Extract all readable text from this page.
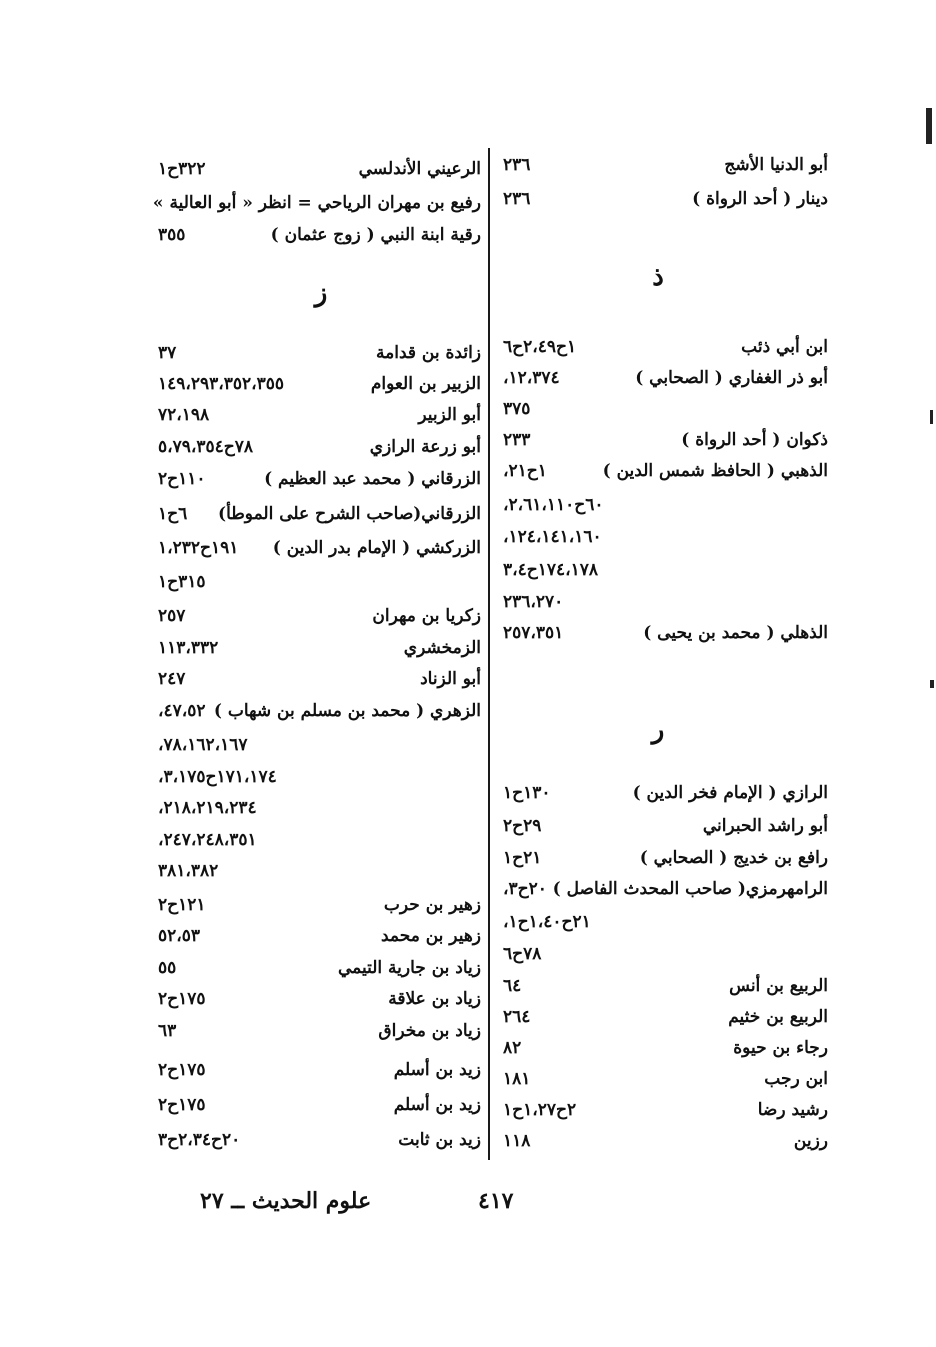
أبو الدنيا الأشج
٢٣٦
دينار ( أحد الرواة )
٢٣٦
ذ
ابن أبي ذئب
١ح٢،٤٩ح٦
أبو ذر الغفاري ( الصحابي )
١٢،٣٧٤،
٣٧٥
ذكوان ( أحد الرواة )
٢٣٣
الذهبي ( الحافظ شمس الدين )
١ح٢١،
٦٠ح٢،٦١،١١٠،
١٢٤،١٤١،١٦٠،
١٧٤،١٧٨ح٣،٤
٢٣٦،٢٧٠
الذهلي ( محمد بن يحيى )
٢٥٧،٣٥١
ر
الرازي ( الإمام فخر الدين )
١٣٠ح١
أبو راشد الحبراني
٢٩ح٢
رافع بن خديج ( الصحابي )
٢١ح١
الرامهرمزي( صاحب المحدث الفاصل )
٢٠ح٣،
٢١ح١،٤٠ح١،
٧٨ح٦
الربيع بن أنس
٦٤
الربيع بن خثيم
٢٦٤
رجاء بن حيوة
٨٢
ابن رجب
١٨١
رشيد رضا
٢ح١،٢٧ح١
رزين
١١٨
الرعيني الأندلسي
٣٢٢ح١
رفيع بن مهران الرياحي = انظر « أبو العالية »
رقية ابنة النبي ( زوج عثمان )
٣٥٥
ز
زائدة بن قدامة
٣٧
الزبير بن العوام
١٤٩،٢٩٣،٣٥٢،٣٥٥
أبو الزبير
٧٢،١٩٨
أبو زرعة الرازي
٧٨ح٥،٧٩،٣٥٤
الزرقاني ( محمد عبد العظيم )
١١٠ح٢
الزرقاني(صاحب الشرح على الموطأ)
٦ح١
الزركشي ( الإمام بدر الدين )
١٩١ح١،٢٣٢
٣١٥ح١
زكريا بن مهران
٢٥٧
الزمخشري
١١٣،٣٣٢
أبو الزناد
٢٤٧
الزهري ( محمد بن مسلم بن شهاب )
٤٧،٥٢،
٧٨،١٦٢،١٦٧،
١٧١،١٧٤ح٣،١٧٥،
٢١٨،٢١٩،٢٣٤،
٢٤٧،٢٤٨،٣٥١،
٣٨١،٣٨٢
زهير بن حرب
١٢١ح٢
زهير بن محمد
٥٢،٥٣
زياد بن جارية التيمي
٥٥
زياد بن علاقة
١٧٥ح٢
زياد بن مخراق
٦٣
زيد بن أسلم
١٧٥ح٢
زيد بن أسلم
١٧٥ح٢
زيد بن ثابت
٢٠ح٢،٣٤ح٣
٤١٧
علوم الحديث ــ ٢٧
